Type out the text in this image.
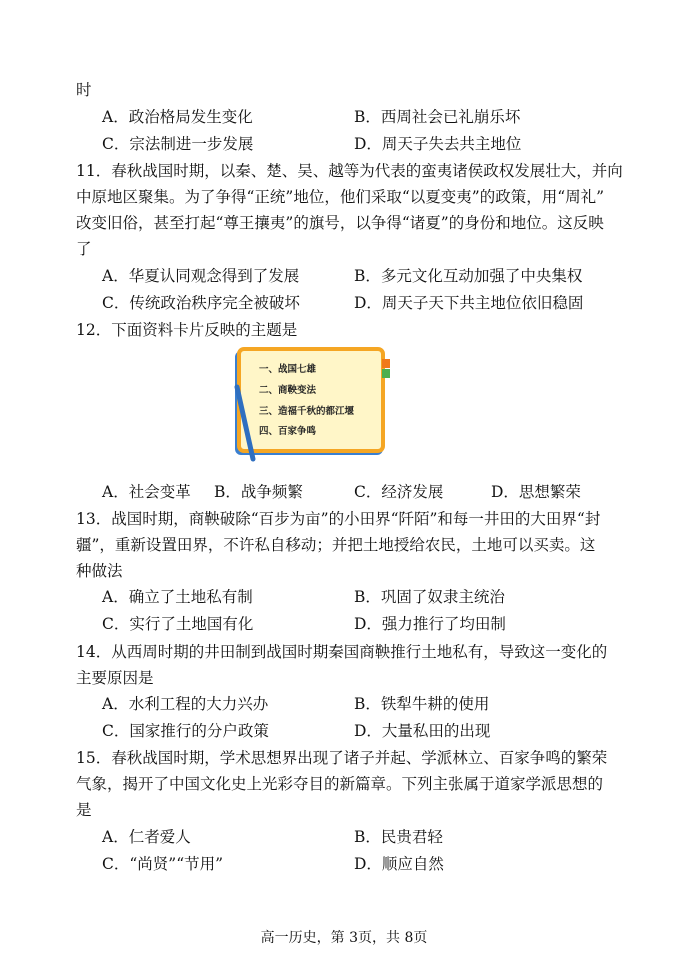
时
A．政治格局发生变化	B．西周社会已礼崩乐坏
C．宗法制进一步发展	D．周天子失去共主地位
11．春秋战国时期，以秦、楚、吴、越等为代表的蛮夷诸侯政权发展壮大，并向
中原地区聚集。为了争得“正统”地位，他们采取“以夏变夷”的政策，用“周礼”
改变旧俗，甚至打起“尊王攘夷”的旗号，以争得“诸夏”的身份和地位。这反映
了
A．华夏认同观念得到了发展	B．多元文化互动加强了中央集权
C．传统政治秩序完全被破坏	D．周天子天下共主地位依旧稳固
12．下面资料卡片反映的主题是
一、战国七雄
二、商鞅变法
三、造福千秋的都江堰
四、百家争鸣
A．社会变革 B．战争频繁	C．经济发展	D．思想繁荣
13．战国时期，商鞅破除“百步为亩”的小田界“阡陌”和每一井田的大田界“封
疆”，重新设置田界，不许私自移动；并把土地授给农民，土地可以买卖。这
种做法
A．确立了土地私有制	B．巩固了奴隶主统治
C．实行了土地国有化	D．强力推行了均田制
14．从西周时期的井田制到战国时期秦国商鞅推行土地私有，导致这一变化的
主要原因是
A．水利工程的大力兴办	B．铁犁牛耕的使用
C．国家推行的分户政策	D．大量私田的出现
15．春秋战国时期，学术思想界出现了诸子并起、学派林立、百家争鸣的繁荣
气象，揭开了中国文化史上光彩夺目的新篇章。下列主张属于道家学派思想的
是
A．仁者爱人	B．民贵君轻
C．“尚贤”“节用”	D．顺应自然
高一历史，第 3页，共 8页
